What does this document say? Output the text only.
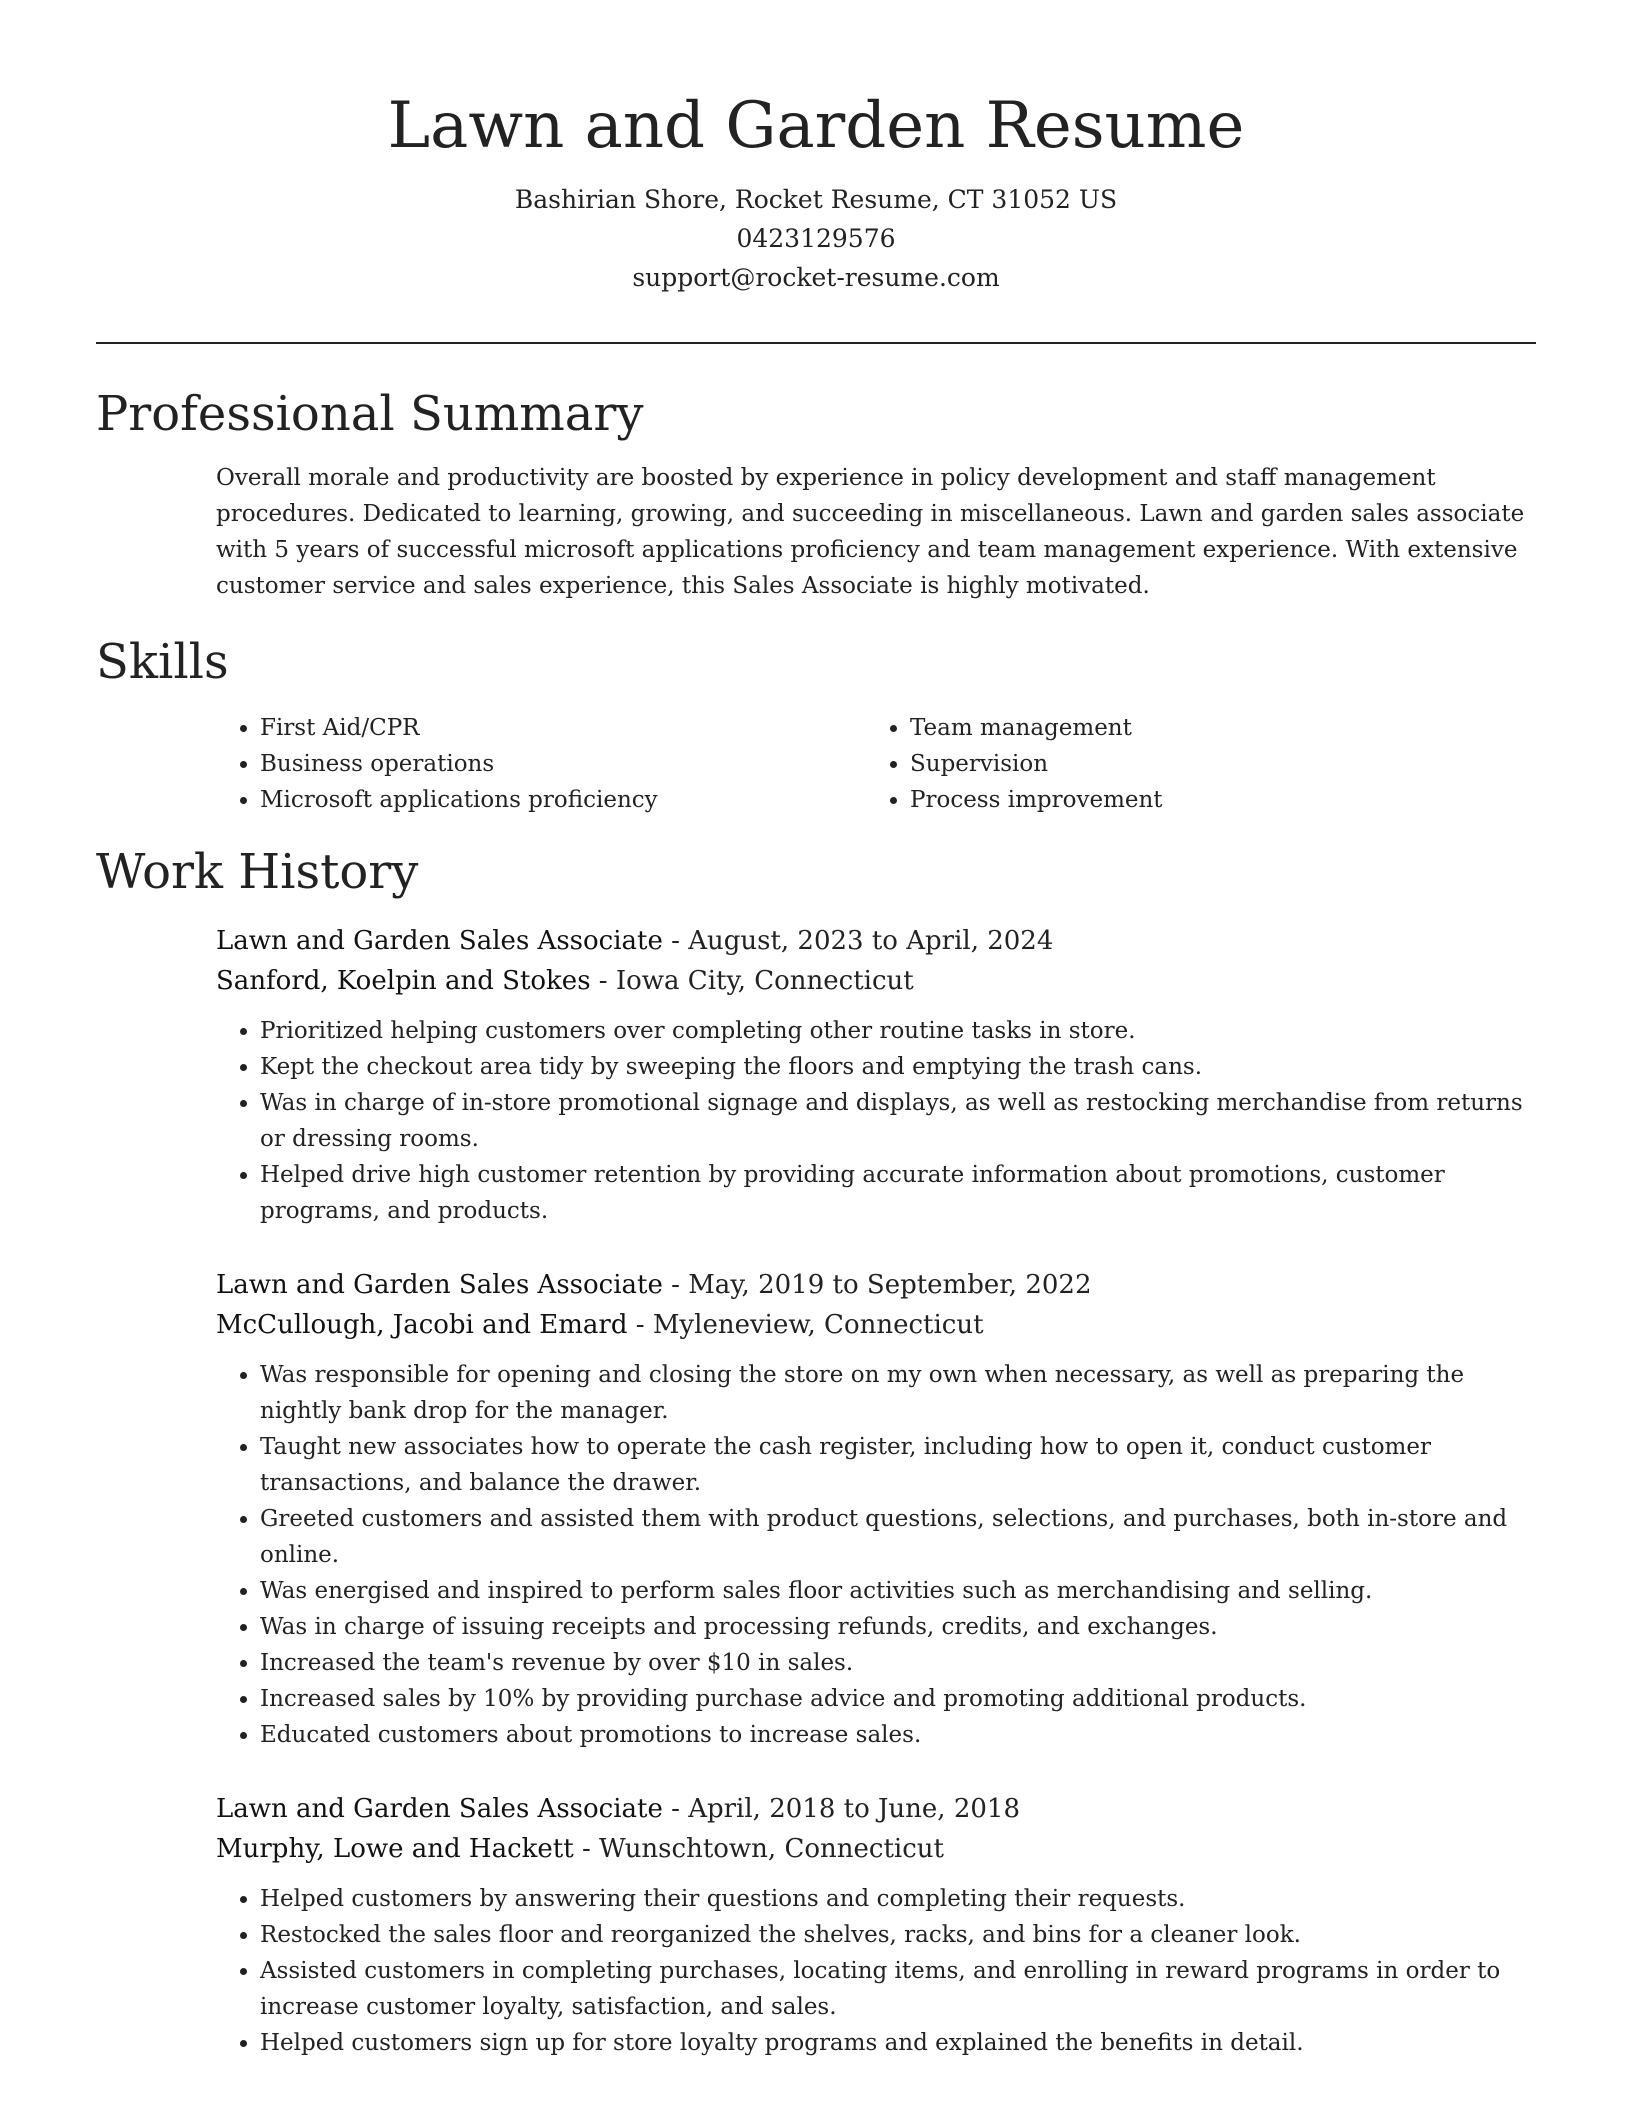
Lawn and Garden Resume
Bashirian Shore, Rocket Resume, CT 31052 US
0423129576
support@rocket-resume.com
Professional Summary

Overall morale and productivity are boosted by experience in policy development and staff management procedures. Dedicated to learning, growing, and succeeding in miscellaneous. Lawn and garden sales associate with 5 years of successful microsoft applications proficiency and team management experience. With extensive customer service and sales experience, this Sales Associate is highly motivated.

Skills
• First Aid/CPR
• Business operations
• Microsoft applications proficiency
• Team management
• Supervision
• Process improvement
Work History
Lawn and Garden Sales Associate - August, 2023 to April, 2024
Sanford, Koelpin and Stokes - Iowa City, Connecticut
• Prioritized helping customers over completing other routine tasks in store.
• Kept the checkout area tidy by sweeping the floors and emptying the trash cans.
• Was in charge of in-store promotional signage and displays, as well as restocking merchandise from returns or dressing rooms.
• Helped drive high customer retention by providing accurate information about promotions, customer programs, and products.
Lawn and Garden Sales Associate - May, 2019 to September, 2022
McCullough, Jacobi and Emard - Myleneview, Connecticut
• Was responsible for opening and closing the store on my own when necessary, as well as preparing the nightly bank drop for the manager.
• Taught new associates how to operate the cash register, including how to open it, conduct customer transactions, and balance the drawer.
• Greeted customers and assisted them with product questions, selections, and purchases, both in-store and online.
• Was energised and inspired to perform sales floor activities such as merchandising and selling.
• Was in charge of issuing receipts and processing refunds, credits, and exchanges.
• Increased the team's revenue by over $10 in sales.
• Increased sales by 10% by providing purchase advice and promoting additional products.
• Educated customers about promotions to increase sales.
Lawn and Garden Sales Associate - April, 2018 to June, 2018
Murphy, Lowe and Hackett - Wunschtown, Connecticut
• Helped customers by answering their questions and completing their requests.
• Restocked the sales floor and reorganized the shelves, racks, and bins for a cleaner look.
• Assisted customers in completing purchases, locating items, and enrolling in reward programs in order to increase customer loyalty, satisfaction, and sales.
• Helped customers sign up for store loyalty programs and explained the benefits in detail.
